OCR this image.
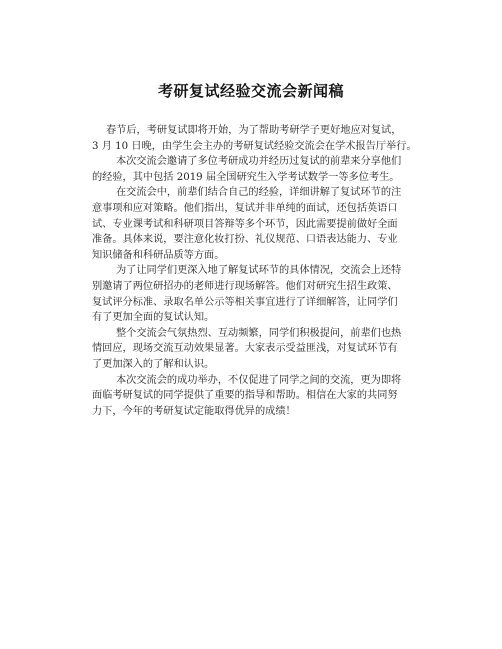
考研复试经验交流会新闻稿
春节后，考研复试即将开始，为了帮助考研学子更好地应对复试，
3 月 10 日晚，由学生会主办的考研复试经验交流会在学术报告厅举行。
本次交流会邀请了多位考研成功并经历过复试的前辈来分享他们
的经验，其中包括 2019 届全国研究生入学考试数学一等多位考生。
在交流会中，前辈们结合自己的经验，详细讲解了复试环节的注
意事项和应对策略。他们指出，复试并非单纯的面试，还包括英语口
试、专业课考试和科研项目答辩等多个环节，因此需要提前做好全面
准备。具体来说，要注意化妆打扮、礼仪规范、口语表达能力、专业
知识储备和科研品质等方面。
为了让同学们更深入地了解复试环节的具体情况，交流会上还特
别邀请了两位研招办的老师进行现场解答。他们对研究生招生政策、
复试评分标准、录取名单公示等相关事宜进行了详细解答，让同学们
有了更加全面的复试认知。
整个交流会气氛热烈、互动频繁，同学们积极提问，前辈们也热
情回应，现场交流互动效果显著。大家表示受益匪浅，对复试环节有
了更加深入的了解和认识。
本次交流会的成功举办，不仅促进了同学之间的交流，更为即将
面临考研复试的同学提供了重要的指导和帮助。相信在大家的共同努
力下，今年的考研复试定能取得优异的成绩！
